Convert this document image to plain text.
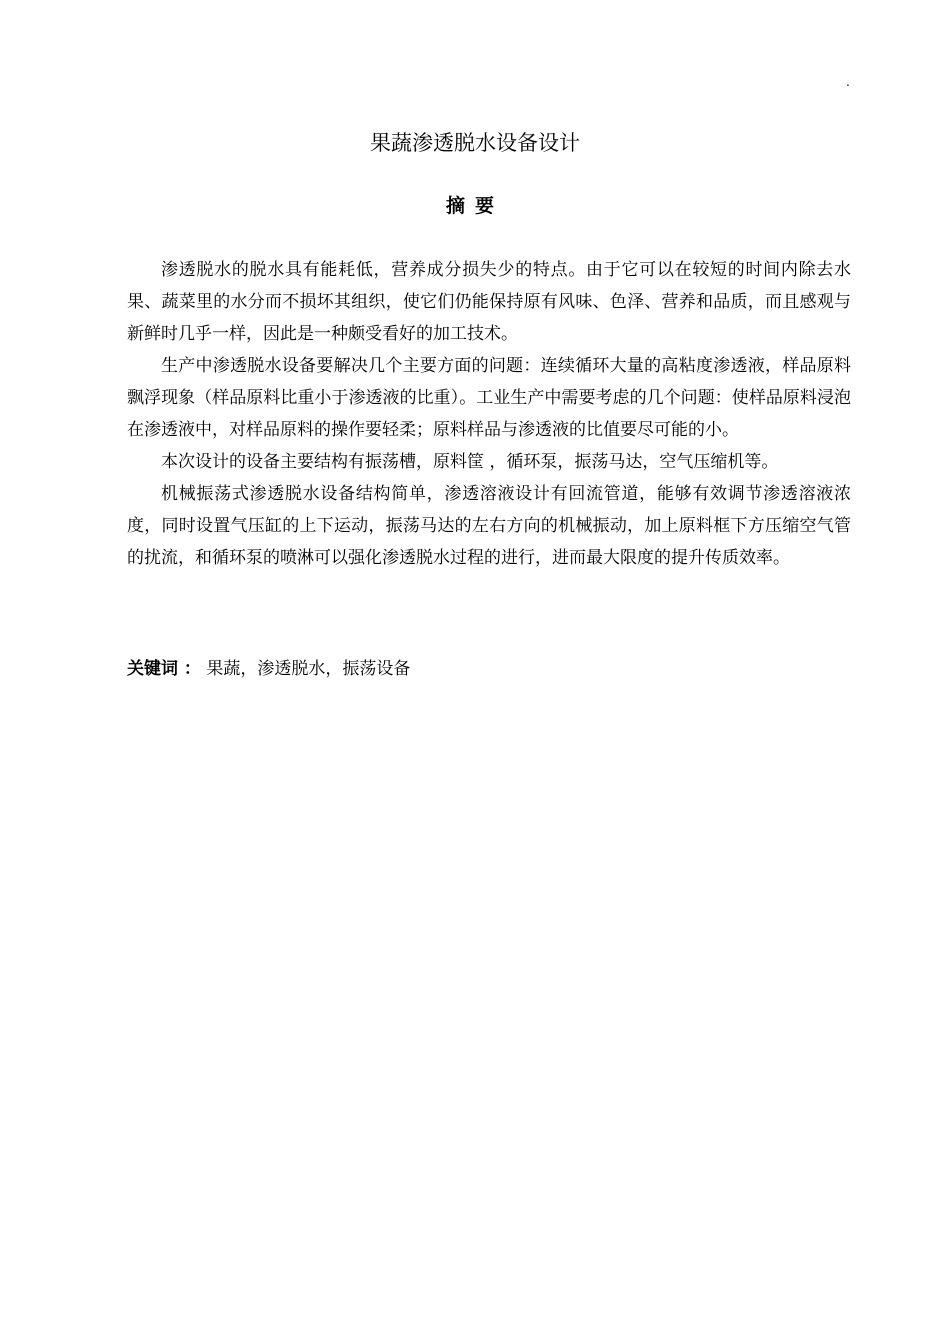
.
果蔬渗透脱水设备设计
摘要

渗透脱水的脱水具有能耗低，营养成分损失少的特点。由于它可以在较短的时间内除去水果、蔬菜里的水分而不损坏其组织，使它们仍能保持原有风味、色泽、营养和品质，而且感观与新鲜时几乎一样，因此是一种颇受看好的加工技术。

生产中渗透脱水设备要解决几个主要方面的问题：连续循环大量的高粘度渗透液，样品原料飘浮现象（样品原料比重小于渗透液的比重）。工业生产中需要考虑的几个问题：使样品原料浸泡在渗透液中，对样品原料的操作要轻柔；原料样品与渗透液的比值要尽可能的小。

本次设计的设备主要结构有振荡槽，原料筐 ，循环泵，振荡马达，空气压缩机等。

机械振荡式渗透脱水设备结构简单，渗透溶液设计有回流管道，能够有效调节渗透溶液浓度，同时设置气压缸的上下运动，振荡马达的左右方向的机械振动，加上原料框下方压缩空气管的扰流，和循环泵的喷淋可以强化渗透脱水过程的进行，进而最大限度的提升传质效率。

关键词 ： 果蔬，渗透脱水，振荡设备
